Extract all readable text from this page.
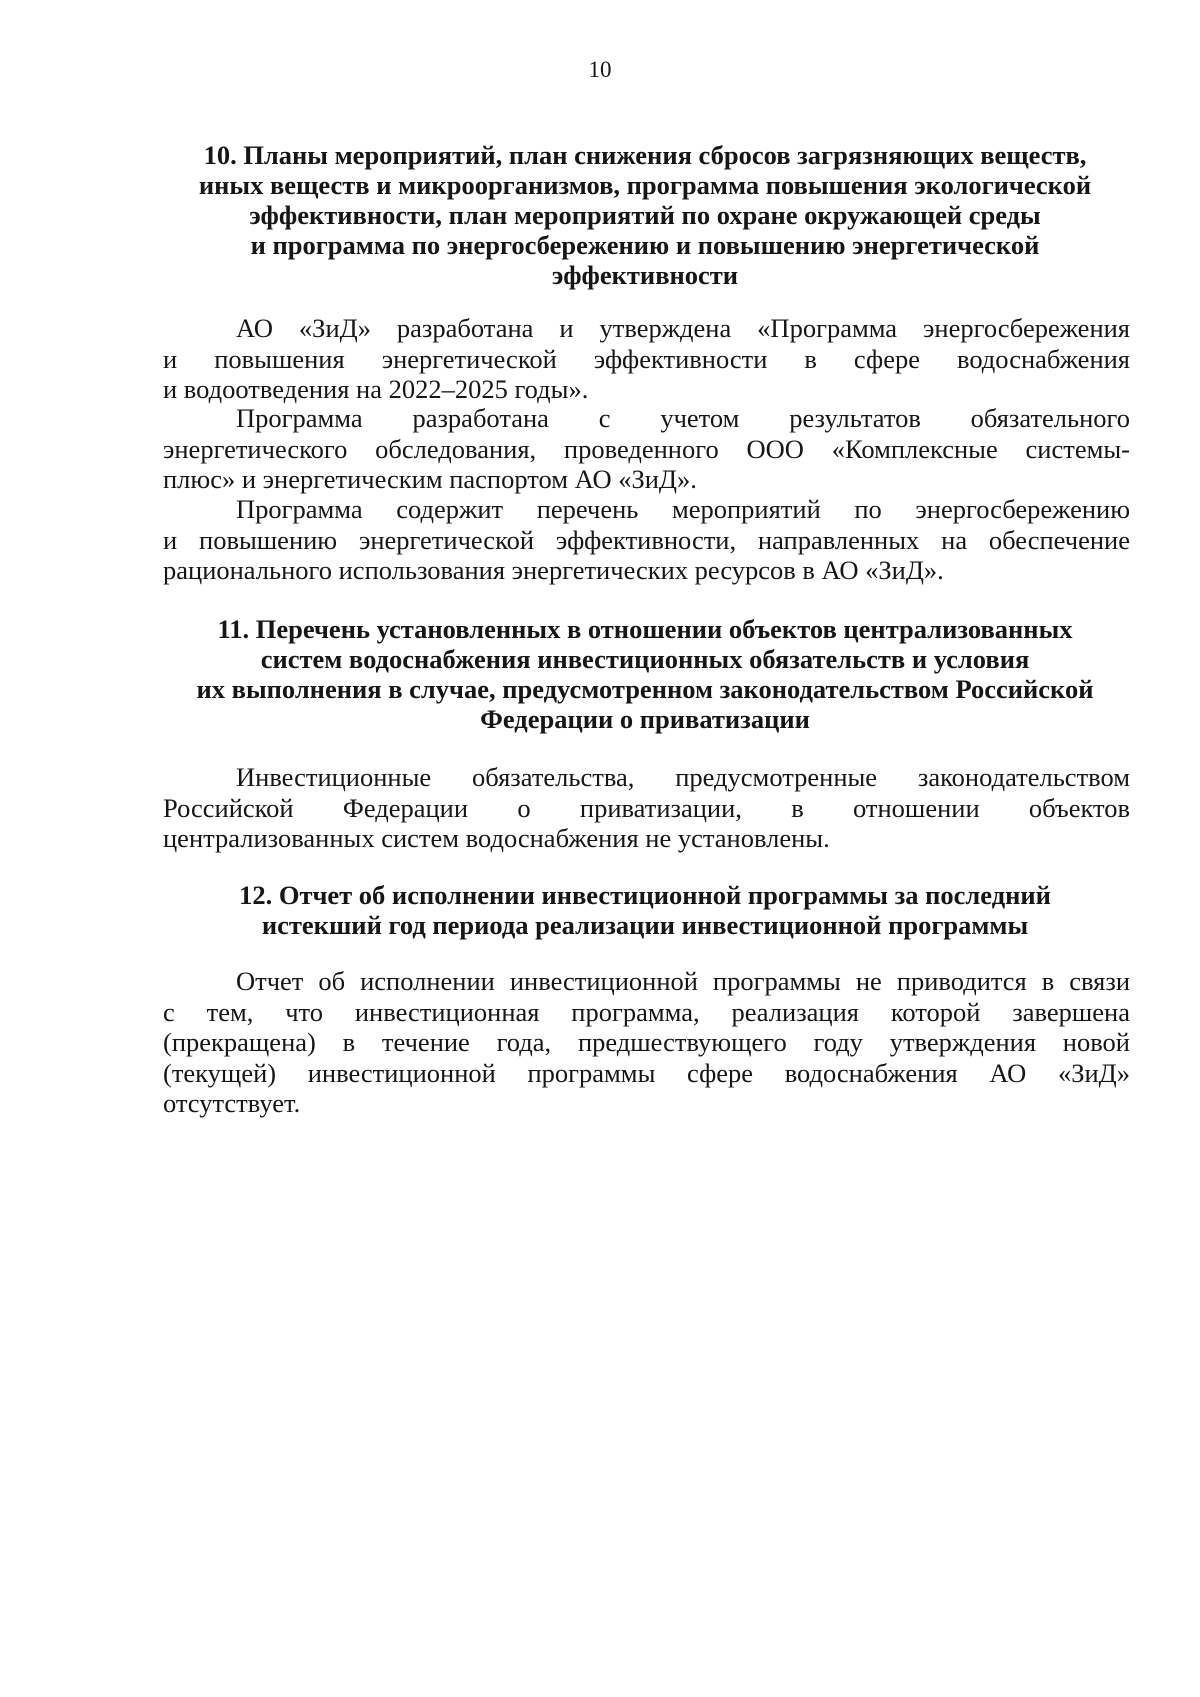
10
10. Планы мероприятий, план снижения сбросов загрязняющих веществ,
иных веществ и микроорганизмов, программа повышения экологической
эффективности, план мероприятий по охране окружающей среды
и программа по энергосбережению и повышению энергетической
эффективности

АО «ЗиД» разработана и утверждена «Программа энергосбережения
и повышения энергетической эффективности в сфере водоснабжения
и водоотведения на 2022–2025 годы».

Программа разработана с учетом результатов обязательного
энергетического обследования, проведенного ООО «Комплексные системы-
плюс» и энергетическим паспортом АО «ЗиД».

Программа содержит перечень мероприятий по энергосбережению
и повышению энергетической эффективности, направленных на обеспечение
рационального использования энергетических ресурсов в АО «ЗиД».

11. Перечень установленных в отношении объектов централизованных
систем водоснабжения инвестиционных обязательств и условия
их выполнения в случае, предусмотренном законодательством Российской
Федерации о приватизации

Инвестиционные обязательства, предусмотренные законодательством
Российской Федерации о приватизации, в отношении объектов
централизованных систем водоснабжения не установлены.

12. Отчет об исполнении инвестиционной программы за последний
истекший год периода реализации инвестиционной программы

Отчет об исполнении инвестиционной программы не приводится в связи
с тем, что инвестиционная программа, реализация которой завершена
(прекращена) в течение года, предшествующего году утверждения новой
(текущей) инвестиционной программы сфере водоснабжения АО «ЗиД»
отсутствует.
